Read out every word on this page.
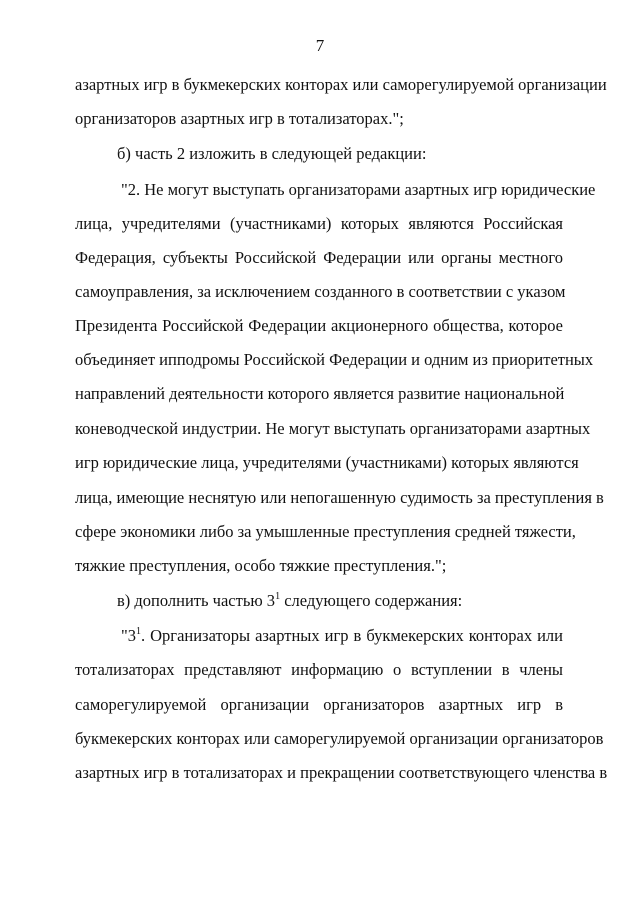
7
азартных игр в букмекерских конторах или саморегулируемой организации
организаторов азартных игр в тотализаторах.";
б) часть 2 изложить в следующей редакции:
"2. Не могут выступать организаторами азартных игр юридические
лица, учредителями (участниками) которых являются Российская
Федерация, субъекты Российской Федерации или органы местного
самоуправления, за исключением созданного в соответствии с указом
Президента Российской Федерации акционерного общества, которое
объединяет ипподромы Российской Федерации и одним из приоритетных
направлений деятельности которого является развитие национальной
коневодческой индустрии. Не могут выступать организаторами азартных
игр юридические лица, учредителями (участниками) которых являются
лица, имеющие неснятую или непогашенную судимость за преступления в
сфере экономики либо за умышленные преступления средней тяжести,
тяжкие преступления, особо тяжкие преступления.";
в) дополнить частью $3^1$ следующего содержания:
"$3^1$. Организаторы азартных игр в букмекерских конторах или
тотализаторах представляют информацию о вступлении в члены
саморегулируемой организации организаторов азартных игр в
букмекерских конторах или саморегулируемой организации организаторов
азартных игр в тотализаторах и прекращении соответствующего членства в
